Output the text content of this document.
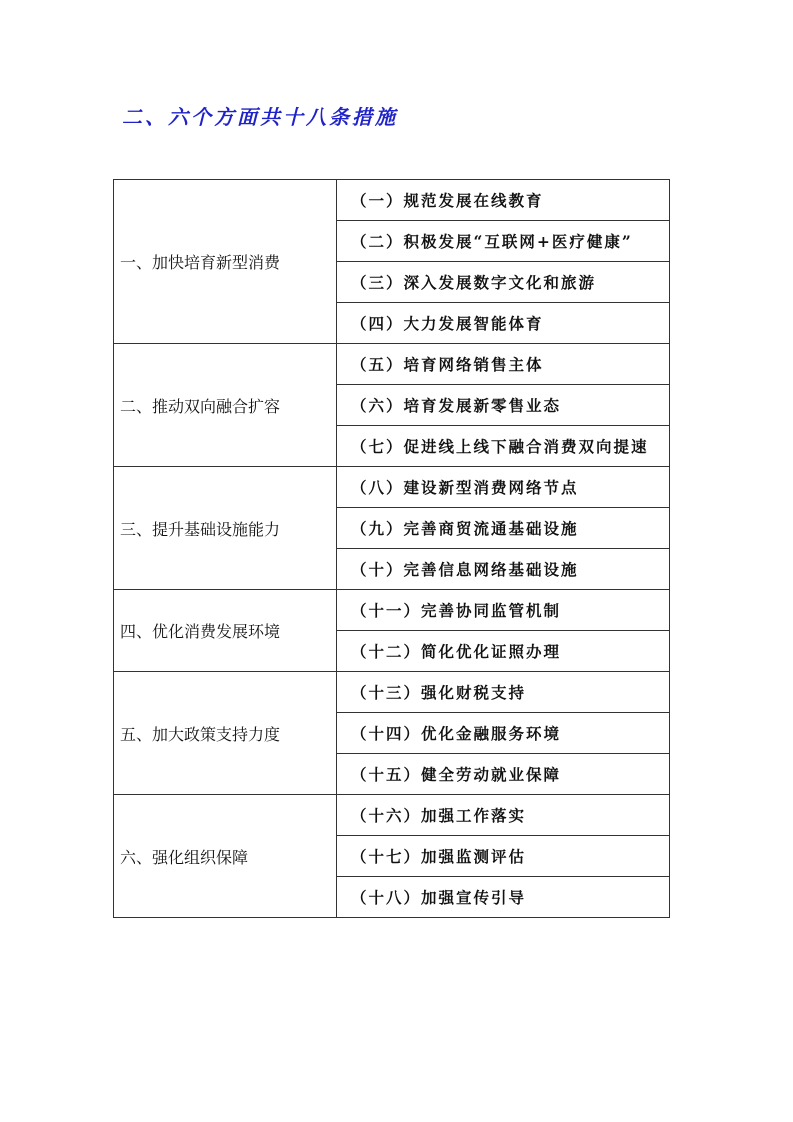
二、六个方面共十八条措施
一、加快培育新型消费	（一）规范发展在线教育
	（二）积极发展“互联网+医疗健康”
	（三）深入发展数字文化和旅游
	（四）大力发展智能体育
二、推动双向融合扩容	（五）培育网络销售主体
	（六）培育发展新零售业态
	（七）促进线上线下融合消费双向提速
三、提升基础设施能力	（八）建设新型消费网络节点
	（九）完善商贸流通基础设施
	（十）完善信息网络基础设施
四、优化消费发展环境	（十一）完善协同监管机制
	（十二）简化优化证照办理
五、加大政策支持力度	（十三）强化财税支持
	（十四）优化金融服务环境
	（十五）健全劳动就业保障
六、强化组织保障	（十六）加强工作落实
	（十七）加强监测评估
	（十八）加强宣传引导
